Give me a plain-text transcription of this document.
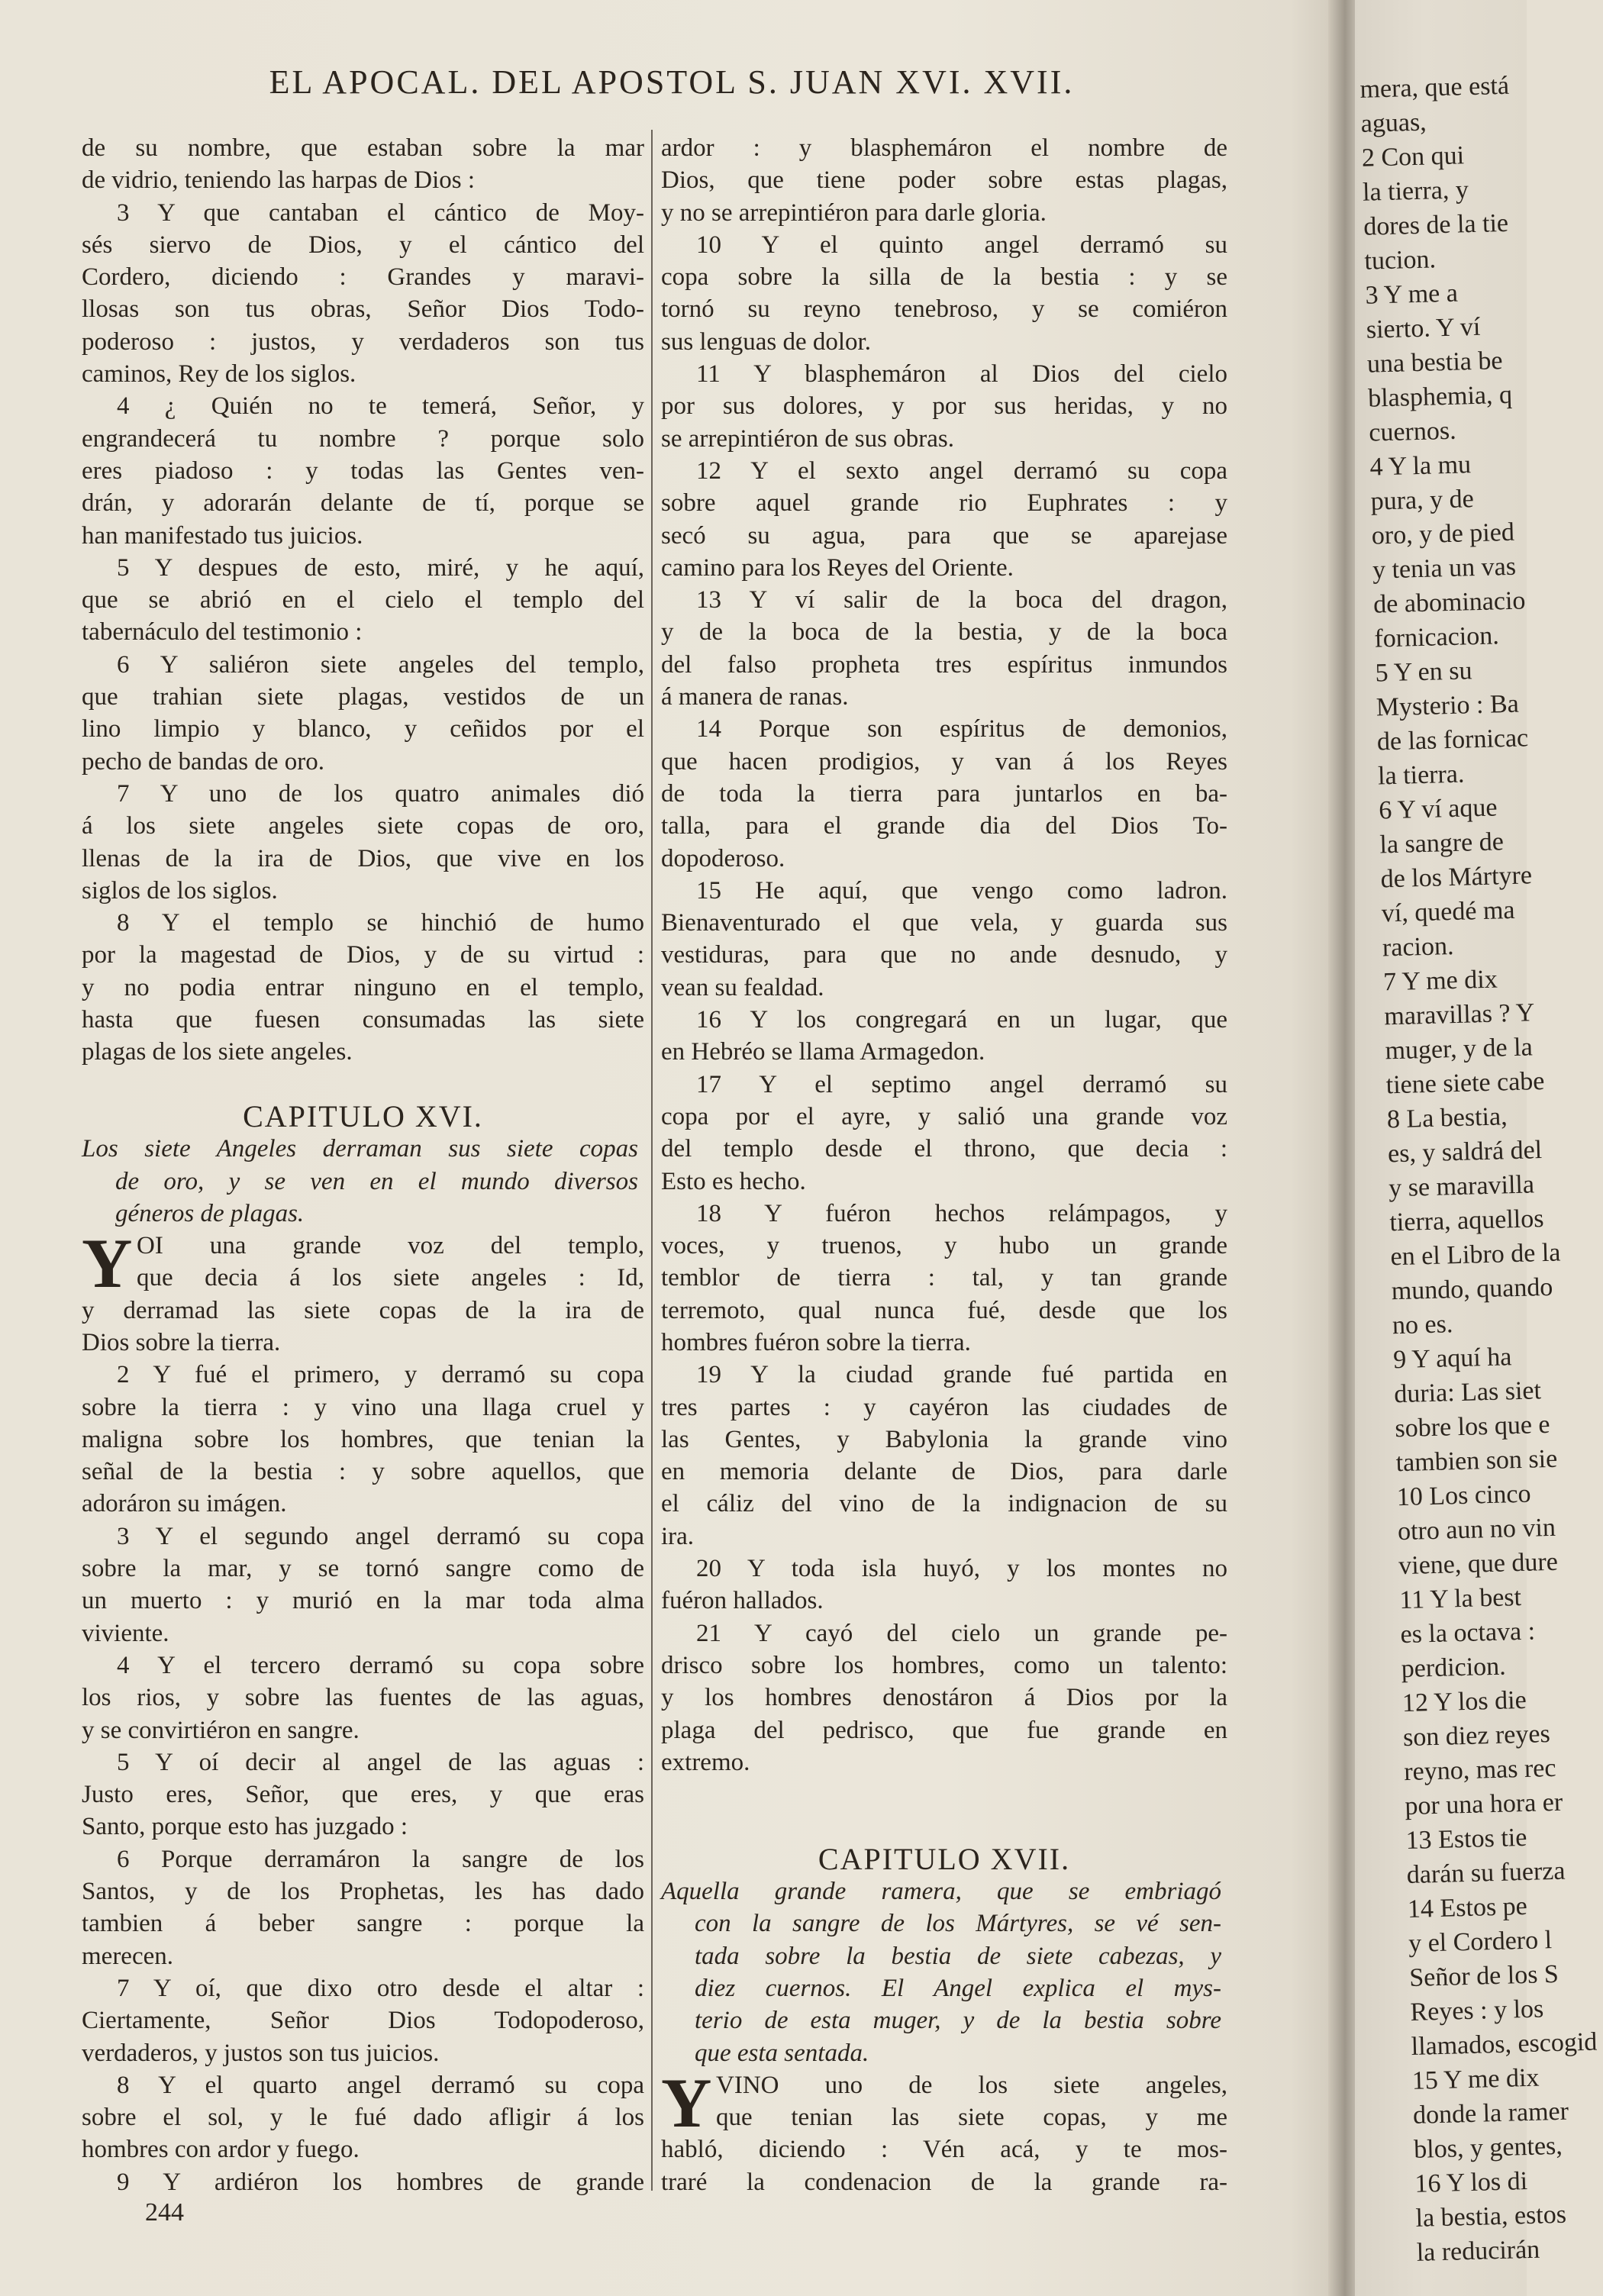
EL APOCAL. DEL APOSTOL S. JUAN XVI. XVII.
de su nombre, que estaban sobre la mar
de vidrio, teniendo las harpas de Dios :
3 Y que cantaban el cántico de Moy-
sés siervo de Dios, y el cántico del
Cordero, diciendo : Grandes y maravi-
llosas son tus obras, Señor Dios Todo-
poderoso : justos, y verdaderos son tus
caminos, Rey de los siglos.
4 ¿ Quién no te temerá, Señor, y
engrandecerá tu nombre ? porque solo
eres piadoso : y todas las Gentes ven-
drán, y adorarán delante de tí, porque se
han manifestado tus juicios.
5 Y despues de esto, miré, y he aquí,
que se abrió en el cielo el templo del
tabernáculo del testimonio :
6 Y saliéron siete angeles del templo,
que trahian siete plagas, vestidos de un
lino limpio y blanco, y ceñidos por el
pecho de bandas de oro.
7 Y uno de los quatro animales dió
á los siete angeles siete copas de oro,
llenas de la ira de Dios, que vive en los
siglos de los siglos.
8 Y el templo se hinchió de humo
por la magestad de Dios, y de su virtud :
y no podia entrar ninguno en el templo,
hasta que fuesen consumadas las siete
plagas de los siete angeles.
CAPITULO XVI.
Los siete Angeles derraman sus siete copas
de oro, y se ven en el mundo diversos
géneros de plagas.
Y OI una grande voz del templo,
que decia á los siete angeles : Id,
y derramad las siete copas de la ira de
Dios sobre la tierra.
2 Y fué el primero, y derramó su copa
sobre la tierra : y vino una llaga cruel y
maligna sobre los hombres, que tenian la
señal de la bestia : y sobre aquellos, que
adoráron su imágen.
3 Y el segundo angel derramó su copa
sobre la mar, y se tornó sangre como de
un muerto : y murió en la mar toda alma
viviente.
4 Y el tercero derramó su copa sobre
los rios, y sobre las fuentes de las aguas,
y se convirtiéron en sangre.
5 Y oí decir al angel de las aguas :
Justo eres, Señor, que eres, y que eras
Santo, porque esto has juzgado :
6 Porque derramáron la sangre de los
Santos, y de los Prophetas, les has dado
tambien á beber sangre : porque la
merecen.
7 Y oí, que dixo otro desde el altar :
Ciertamente, Señor Dios Todopoderoso,
verdaderos, y justos son tus juicios.
8 Y el quarto angel derramó su copa
sobre el sol, y le fué dado afligir á los
hombres con ardor y fuego.
9 Y ardiéron los hombres de grande
ardor : y blasphemáron el nombre de
Dios, que tiene poder sobre estas plagas,
y no se arrepintiéron para darle gloria.
10 Y el quinto angel derramó su
copa sobre la silla de la bestia : y se
tornó su reyno tenebroso, y se comiéron
sus lenguas de dolor.
11 Y blasphemáron al Dios del cielo
por sus dolores, y por sus heridas, y no
se arrepintiéron de sus obras.
12 Y el sexto angel derramó su copa
sobre aquel grande rio Euphrates : y
secó su agua, para que se aparejase
camino para los Reyes del Oriente.
13 Y ví salir de la boca del dragon,
y de la boca de la bestia, y de la boca
del falso propheta tres espíritus inmundos
á manera de ranas.
14 Porque son espíritus de demonios,
que hacen prodigios, y van á los Reyes
de toda la tierra para juntarlos en ba-
talla, para el grande dia del Dios To-
dopoderoso.
15 He aquí, que vengo como ladron.
Bienaventurado el que vela, y guarda sus
vestiduras, para que no ande desnudo, y
vean su fealdad.
16 Y los congregará en un lugar, que
en Hebréo se llama Armagedon.
17 Y el septimo angel derramó su
copa por el ayre, y salió una grande voz
del templo desde el throno, que decia :
Esto es hecho.
18 Y fuéron hechos relámpagos, y
voces, y truenos, y hubo un grande
temblor de tierra : tal, y tan grande
terremoto, qual nunca fué, desde que los
hombres fuéron sobre la tierra.
19 Y la ciudad grande fué partida en
tres partes : y cayéron las ciudades de
las Gentes, y Babylonia la grande vino
en memoria delante de Dios, para darle
el cáliz del vino de la indignacion de su
ira.
20 Y toda isla huyó, y los montes no
fuéron hallados.
21 Y cayó del cielo un grande pe-
drisco sobre los hombres, como un talento:
y los hombres denostáron á Dios por la
plaga del pedrisco, que fue grande en
extremo.
CAPITULO XVII.
Aquella grande ramera, que se embriagó
con la sangre de los Mártyres, se vé sen-
tada sobre la bestia de siete cabezas, y
diez cuernos. El Angel explica el mys-
terio de esta muger, y de la bestia sobre
que esta sentada.
Y VINO uno de los siete angeles,
que tenian las siete copas, y me
habló, diciendo : Vén acá, y te mos-
traré la condenacion de la grande ra-
244
mera, que está
aguas,
2 Con qui
la tierra, y
dores de la tie
tucion.
3 Y me a
sierto. Y ví
una bestia be
blasphemia, q
cuernos.
4 Y la mu
pura, y de
oro, y de pied
y tenia un vas
de abominacio
fornicacion.
5 Y en su
Mysterio : Ba
de las fornicac
la tierra.
6 Y ví aque
la sangre de
de los Mártyre
ví, quedé ma
racion.
7 Y me dix
maravillas ? Y
muger, y de la
tiene siete cabe
8 La bestia,
es, y saldrá del
y se maravilla
tierra, aquellos
en el Libro de la
mundo, quando
no es.
9 Y aquí ha
duria: Las siet
sobre los que e
tambien son sie
10 Los cinco
otro aun no vin
viene, que dure
11 Y la best
es la octava :
perdicion.
12 Y los die
son diez reyes
reyno, mas rec
por una hora er
13 Estos tie
darán su fuerza
14 Estos pe
y el Cordero l
Señor de los S
Reyes : y los
llamados, escogid
15 Y me dix
donde la ramer
blos, y gentes,
16 Y los di
la bestia, estos
la reducirán
